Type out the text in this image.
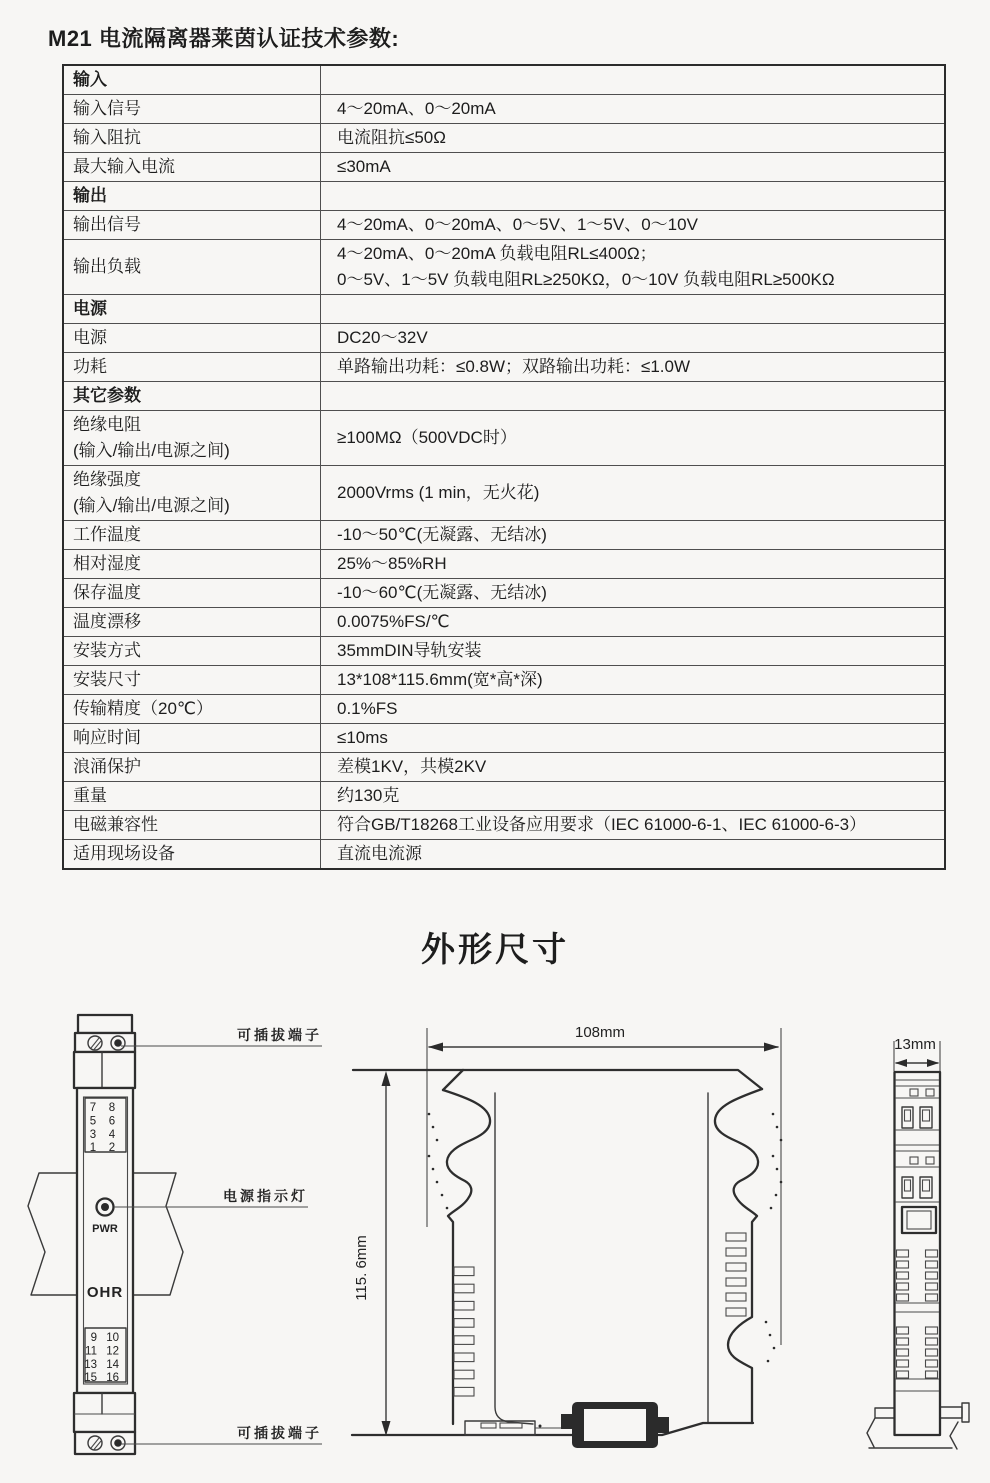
M21 电流隔离器莱茵认证技术参数:
输入	

输入信号	4～20mA、0～20mA

输入阻抗	电流阻抗≤50Ω

最大输入电流	≤30mA

输出	

输出信号	4～20mA、0～20mA、0～5V、1～5V、0～10V

输出负载	4～20mA、0～20mA 负载电阻RL≤400Ω；
0～5V、1～5V 负载电阻RL≥250KΩ，0～10V 负载电阻RL≥500KΩ

电源	

电源	DC20～32V

功耗	单路输出功耗：≤0.8W；双路输出功耗：≤1.0W

其它参数	

绝缘电阻
(输入/输出/电源之间)	≥100MΩ（500VDC时）

绝缘强度
(输入/输出/电源之间)	2000Vrms (1 min，无火花)

工作温度	-10～50℃(无凝露、无结冰)

相对湿度	25%～85%RH

保存温度	-10～60℃(无凝露、无结冰)

温度漂移	0.0075%FS/℃

安装方式	35mmDIN导轨安装

安装尺寸	13*108*115.6mm(宽*高*深)

传输精度（20℃）	0.1%FS

响应时间	≤10ms

浪涌保护	差模1KV，共模2KV

重量	约130克

电磁兼容性	符合GB/T18268工业设备应用要求（IEC 61000-6-1、IEC 61000-6-3）

适用现场设备	直流电流源
外形尺寸
7 8
5 6
3 4
1 2
PWR
OHR
9 10
11 12
13 14
15 16
可插拔端子
电源指示灯
可插拔端子
108mm
115. 6mm
13mm
